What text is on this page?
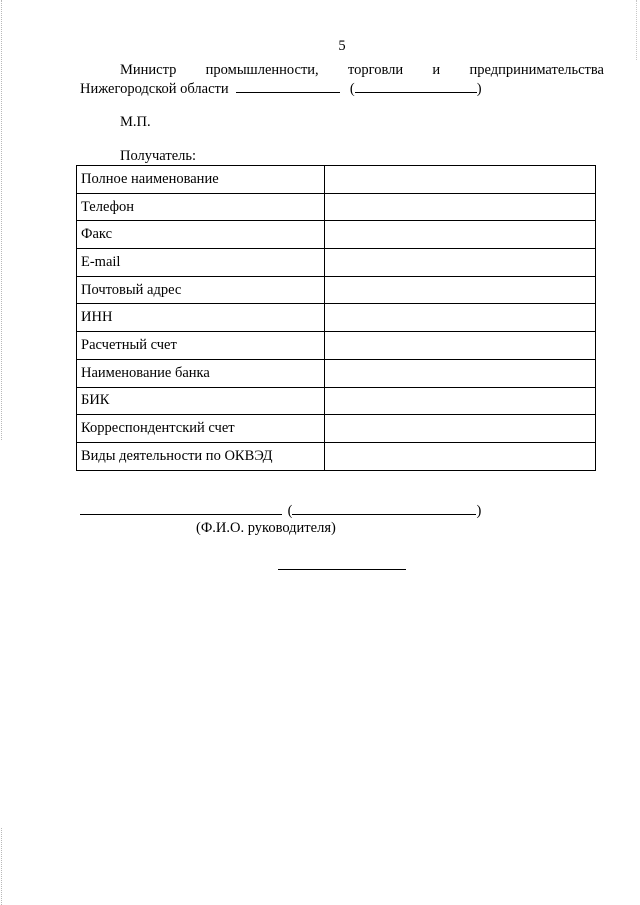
5
Министр промышленности, торговли и предпринимательства
Нижегородской области	(	)
М.П.
Получатель:
Полное наименование	
Телефон	
Факс	
E-mail	
Почтовый адрес	
ИНН	
Расчетный счет	
Наименование банка	
БИК	
Корреспондентский счет	
Виды деятельности по ОКВЭД	
(	)
(Ф.И.О. руководителя)
